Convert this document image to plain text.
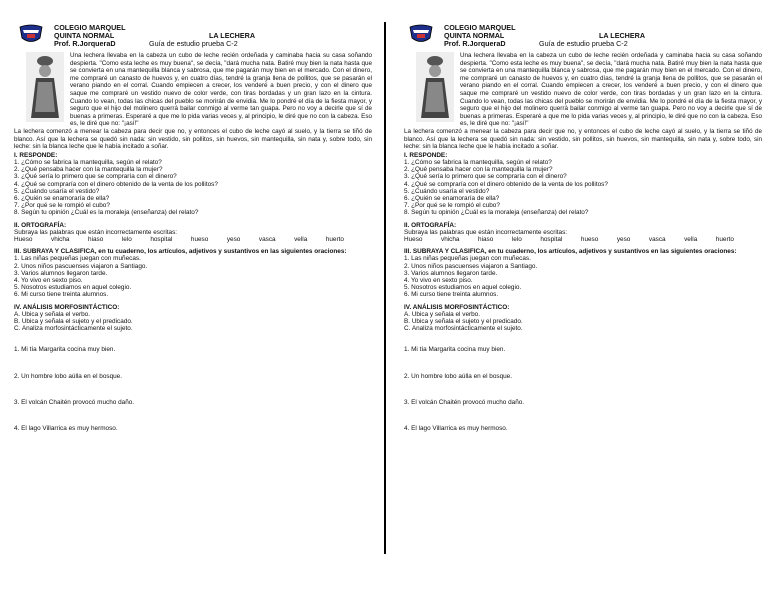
COLEGIO MARQUEL
QUINTA NORMAL
Prof. R.JorquerаD
LA LECHERA
Guía de estudio prueba C-2
Una lechera llevaba en la cabeza un cubo de leche recién ordeñada y caminaba hacia su casa soñando despierta. "Como esta leche es muy buena", se decía, "dará mucha nata. Batiré muy bien la nata hasta que se convierta en una mantequilla blanca y sabrosa, que me pagarán muy bien en el mercado. Con el dinero, me compraré un canasto de huevos y, en cuatro días, tendré la granja llena de pollitos, que se pasarán el verano piando en el corral. Cuando empiecen a crecer, los venderé a buen precio, y con el dinero que saque me compraré un vestido nuevo de color verde, con tiras bordadas y un gran lazo en la cintura. Cuando lo vean, todas las chicas del pueblo se morirán de envidia. Me lo pondré el día de la fiesta mayor, y seguro que el hijo del molinero querrá bailar conmigo al verme tan guapa. Pero no voy a decirle que sí de buenas a primeras. Esperaré a que me lo pida varias veces y, al principio, le diré que no con la cabeza. Eso es, le diré que no: "¡así!"
La lechera comenzó a menear la cabeza para decir que no, y entonces el cubo de leche cayó al suelo, y la tierra se tiñó de blanco. Así que la lechera se quedó sin nada: sin vestido, sin pollitos, sin huevos, sin mantequilla, sin nata y, sobre todo, sin leche: sin la blanca leche que le había incitado a soñar.
I. RESPONDE:
1. ¿Cómo se fabrica la mantequilla, según el relato?
2. ¿Qué pensaba hacer con la mantequilla la mujer?
3. ¿Qué sería lo primero que se compraría con el dinero?
4. ¿Qué se compraría con el dinero obtenido de la venta de los pollitos?
5. ¿Cuándo usaría el vestido?
6. ¿Quién se enamoraría de ella?
7. ¿Por qué se le rompió el cubo?
8. Según tu opinión ¿Cuál es la moraleja (enseñanza) del relato?
II. ORTOGRAFÍA:
Subraya las palabras que están incorrectamente escritas:
Hueso	vhicha	hiaso	lelo	hospital	hueso	yeso	vasca	vella	huerto
III. SUBRAYA Y CLASIFICA, en tu cuaderno, los artículos, adjetivos y sustantivos en las siguientes oraciones:
1. Las niñas pequeñas juegan con muñecas.
2. Unos niños pascuenses viajaron a Santiago.
3. Varios alumnos llegaron tarde.
4. Yo vivo en sexto piso.
5. Nosotros estudiamos en aquel colegio.
6. Mi curso tiene treinta alumnos.
IV. ANÁLISIS MORFOSINTÁCTICO:
A. Ubica y señala el verbo.
B. Ubica y señala el sujeto y el predicado.
C. Analiza morfosintácticamente el sujeto.
1. Mi tía Margarita cocina muy bien.
2. Un hombre lobo aúlla en el bosque.
3. El volcán Chaitén provocó mucho daño.
4. El lago Villarrica es muy hermoso.
COLEGIO MARQUEL
QUINTA NORMAL
Prof. R.JorquerаD
LA LECHERA
Guía de estudio prueba C-2
Una lechera llevaba en la cabeza un cubo de leche recién ordeñada y caminaba hacia su casa soñando despierta. "Como esta leche es muy buena", se decía, "dará mucha nata. Batiré muy bien la nata hasta que se convierta en una mantequilla blanca y sabrosa, que me pagarán muy bien en el mercado. Con el dinero, me compraré un canasto de huevos y, en cuatro días, tendré la granja llena de pollitos, que se pasarán el verano piando en el corral. Cuando empiecen a crecer, los venderé a buen precio, y con el dinero que saque me compraré un vestido nuevo de color verde, con tiras bordadas y un gran lazo en la cintura. Cuando lo vean, todas las chicas del pueblo se morirán de envidia. Me lo pondré el día de la fiesta mayor, y seguro que el hijo del molinero querrá bailar conmigo al verme tan guapa. Pero no voy a decirle que sí de buenas a primeras. Esperaré a que me lo pida varias veces y, al principio, le diré que no con la cabeza. Eso es, le diré que no: "¡así!"
La lechera comenzó a menear la cabeza para decir que no, y entonces el cubo de leche cayó al suelo, y la tierra se tiñó de blanco. Así que la lechera se quedó sin nada: sin vestido, sin pollitos, sin huevos, sin mantequilla, sin nata y, sobre todo, sin leche: sin la blanca leche que le había incitado a soñar.
I. RESPONDE:
1. ¿Cómo se fabrica la mantequilla, según el relato?
2. ¿Qué pensaba hacer con la mantequilla la mujer?
3. ¿Qué sería lo primero que se compraría con el dinero?
4. ¿Qué se compraría con el dinero obtenido de la venta de los pollitos?
5. ¿Cuándo usaría el vestido?
6. ¿Quién se enamoraría de ella?
7. ¿Por qué se le rompió el cubo?
8. Según tu opinión ¿Cuál es la moraleja (enseñanza) del relato?
II. ORTOGRAFÍA:
Subraya las palabras que están incorrectamente escritas:
Hueso	vhicha	hiaso	lelo	hospital	hueso	yeso	vasca	vella	huerto
III. SUBRAYA Y CLASIFICA, en tu cuaderno, los artículos, adjetivos y sustantivos en las siguientes oraciones:
1. Las niñas pequeñas juegan con muñecas.
2. Unos niños pascuenses viajaron a Santiago.
3. Varios alumnos llegaron tarde.
4. Yo vivo en sexto piso.
5. Nosotros estudiamos en aquel colegio.
6. Mi curso tiene treinta alumnos.
IV. ANÁLISIS MORFOSINTÁCTICO:
A. Ubica y señala el verbo.
B. Ubica y señala el sujeto y el predicado.
C. Analiza morfosintácticamente el sujeto.
1. Mi tía Margarita cocina muy bien.
2. Un hombre lobo aúlla en el bosque.
3. El volcán Chaitén provocó mucho daño.
4. El lago Villarrica es muy hermoso.
